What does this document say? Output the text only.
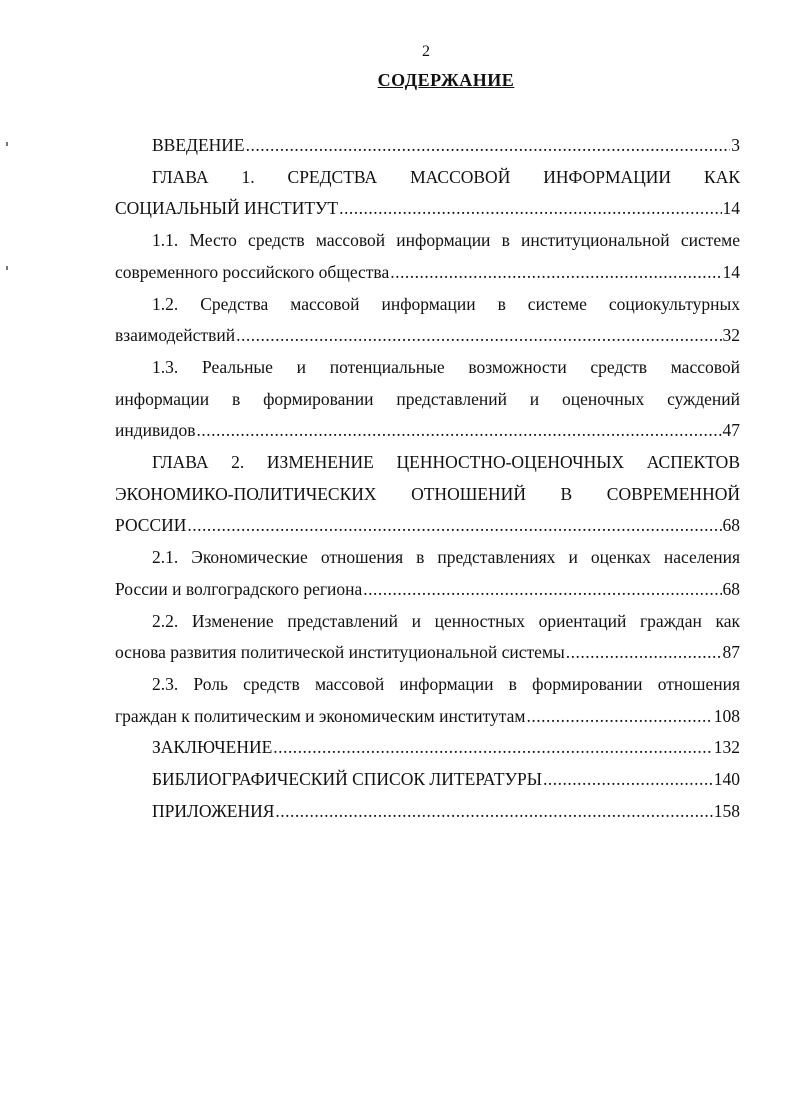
2
СОДЕРЖАНИЕ
ВВЕДЕНИЕ .....	3
ГЛАВА 1. СРЕДСТВА МАССОВОЙ ИНФОРМАЦИИ КАК
СОЦИАЛЬНЫЙ ИНСТИТУТ .....	14
1.1. Место средств массовой информации в институциональной системе
современного российского общества .....	14
1.2. Средства массовой информации в системе социокультурных
взаимодействий .....	32
1.3. Реальные и потенциальные возможности средств массовой
информации в формировании представлений и оценочных суждений
индивидов .....	47
ГЛАВА 2. ИЗМЕНЕНИЕ ЦЕННОСТНО-ОЦЕНОЧНЫХ АСПЕКТОВ
ЭКОНОМИКО-ПОЛИТИЧЕСКИХ ОТНОШЕНИЙ В СОВРЕМЕННОЙ
РОССИИ .....	68
2.1. Экономические отношения в представлениях и оценках населения
России и волгоградского региона .....	68
2.2. Изменение представлений и ценностных ориентаций граждан как
основа развития политической институциональной системы .....	87
2.3. Роль средств массовой информации в формировании отношения
граждан к политическим и экономическим институтам .....	108
ЗАКЛЮЧЕНИЕ .....	132
БИБЛИОГРАФИЧЕСКИЙ СПИСОК ЛИТЕРАТУРЫ .....	140
ПРИЛОЖЕНИЯ .....	158
